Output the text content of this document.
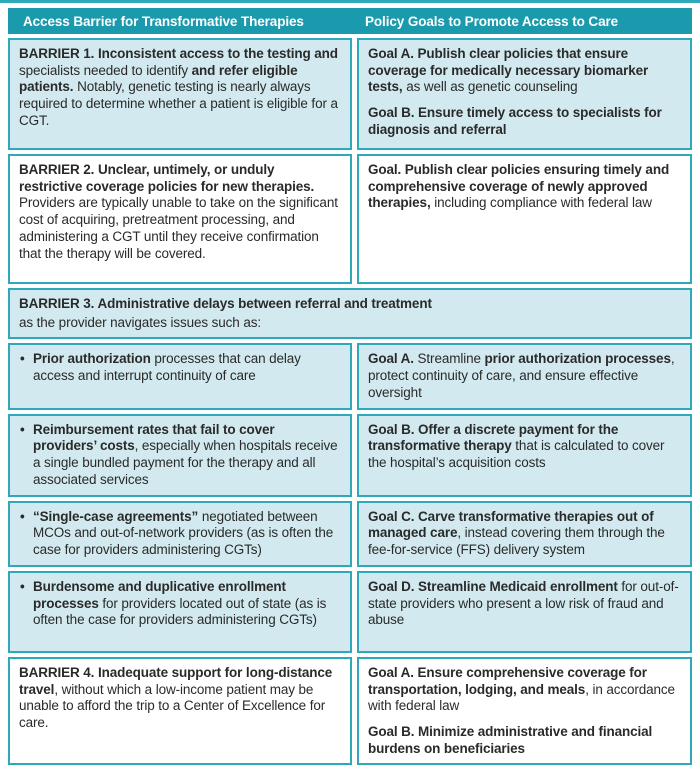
Access Barrier for Transformative Therapies	Policy Goals to Promote Access to Care

BARRIER 1. Inconsistent access to the testing and specialists needed to identify and refer eligible patients. Notably, genetic testing is nearly always required to determine whether a patient is eligible for a CGT.

Goal A. Publish clear policies that ensure coverage for medically necessary biomarker tests, as well as genetic counseling

Goal B. Ensure timely access to specialists for diagnosis and referral

BARRIER 2. Unclear, untimely, or unduly restrictive coverage policies for new therapies. Providers are typically unable to take on the significant cost of acquiring, pretreatment processing, and administering a CGT until they receive confirmation that the therapy will be covered.

Goal. Publish clear policies ensuring timely and comprehensive coverage of newly approved therapies, including compliance with federal law

BARRIER 3. Administrative delays between referral and treatment

as the provider navigates issues such as:

• Prior authorization processes that can delay access and interrupt continuity of care

Goal A. Streamline prior authorization processes, protect continuity of care, and ensure effective oversight

• Reimbursement rates that fail to cover providers’ costs, especially when hospitals receive a single bundled payment for the therapy and all associated services

Goal B. Offer a discrete payment for the transformative therapy that is calculated to cover the hospital’s acquisition costs

• “Single-case agreements” negotiated between MCOs and out-of-network providers (as is often the case for providers administering CGTs)

Goal C. Carve transformative therapies out of managed care, instead covering them through the fee-for-service (FFS) delivery system

• Burdensome and duplicative enrollment processes for providers located out of state (as is often the case for providers administering CGTs)

Goal D. Streamline Medicaid enrollment for out-of-state providers who present a low risk of fraud and abuse

BARRIER 4. Inadequate support for long-distance travel, without which a low-income patient may be unable to afford the trip to a Center of Excellence for care.

Goal A. Ensure comprehensive coverage for transportation, lodging, and meals, in accordance with federal law

Goal B. Minimize administrative and financial burdens on beneficiaries
